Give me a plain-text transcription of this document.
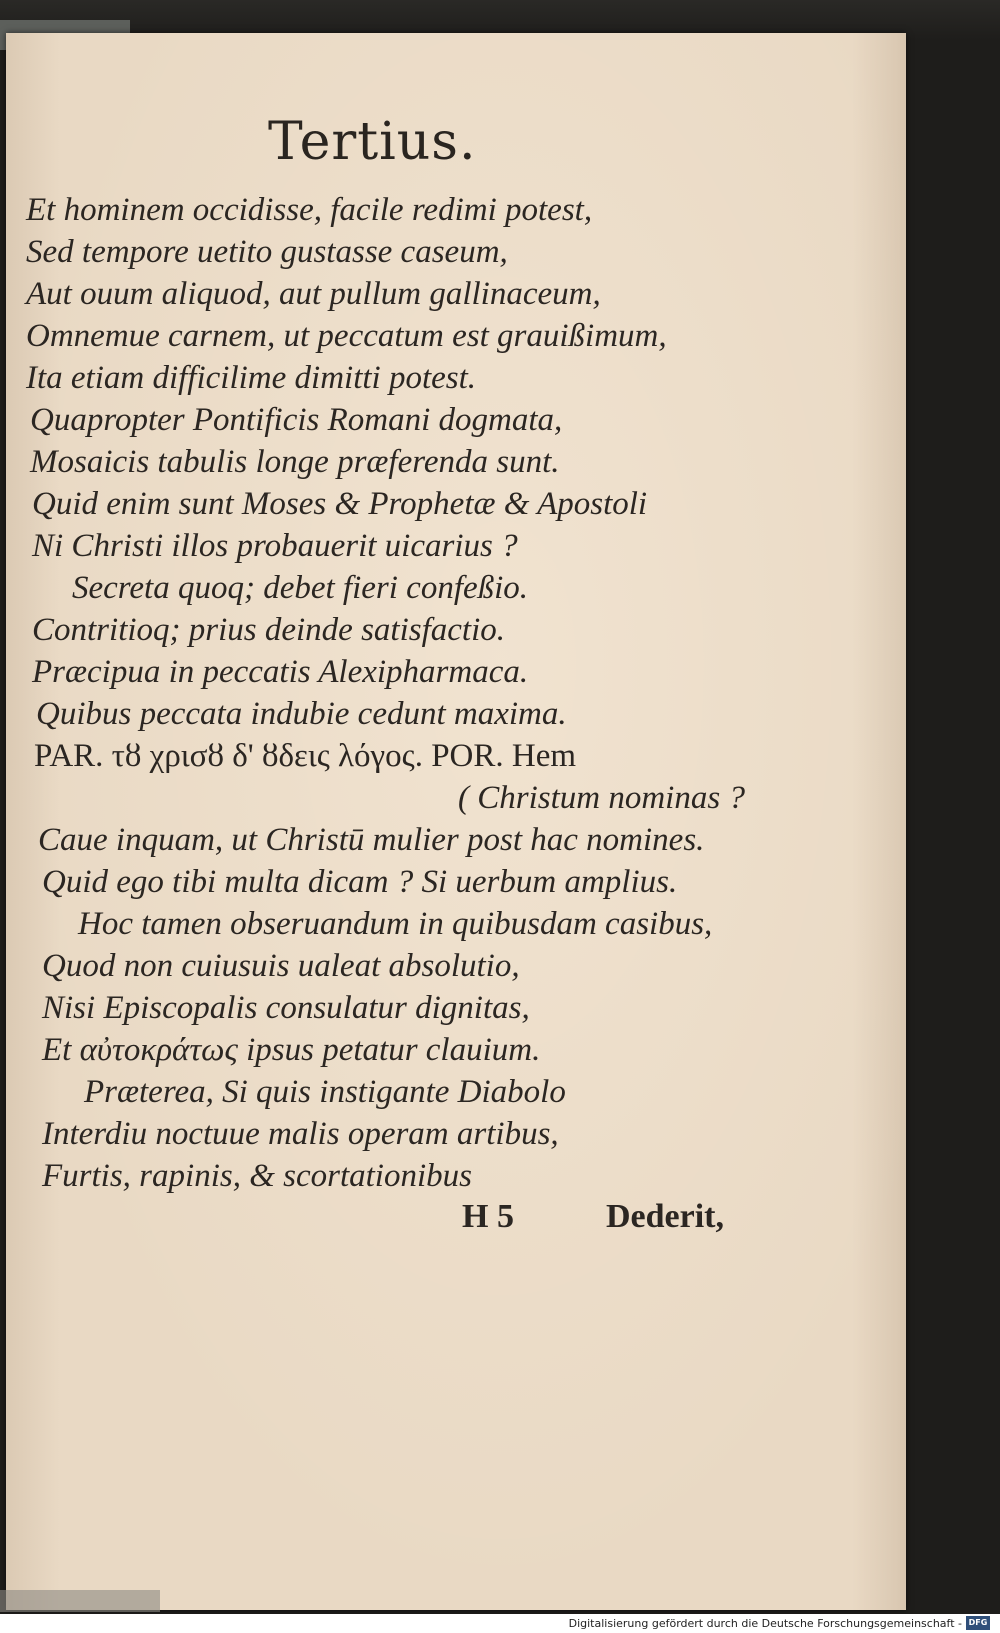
Tertius.
Et hominem occidisse, facile redimi potest,
Sed tempore uetito gustasse caseum,
Aut ouum aliquod, aut pullum gallinaceum,
Omnemue carnem, ut peccatum est grauißimum,
Ita etiam difficilime dimitti potest.
Quapropter Pontificis Romani dogmata,
Mosaicis tabulis longe præferenda sunt.
Quid enim sunt Moses & Prophetæ & Apostoli
Ni Christi illos probauerit uicarius ?
Secreta quoq; debet fieri confeßio.
Contritioq; prius deinde satisfactio.
Præcipua in peccatis Alexipharmaca.
Quibus peccata indubie cedunt maxima.
PAR. τȣ χρισȣ δ' ȣδεις λόγος. POR. Hem
( Christum nominas ?
Caue inquam, ut Christū mulier post hac nomines.
Quid ego tibi multa dicam ? Si uerbum amplius.
Hoc tamen obseruandum in quibusdam casibus,
Quod non cuiusuis ualeat absolutio,
Nisi Episcopalis consulatur dignitas,
Et αὐτοκράτως ipsus petatur clauium.
Præterea, Si quis instigante Diabolo
Interdiu noctuue malis operam artibus,
Furtis, rapinis, & scortationibus
H 5	Dederit,
Digitalisierung gefördert durch die Deutsche Forschungsgemeinschaft - DFG
